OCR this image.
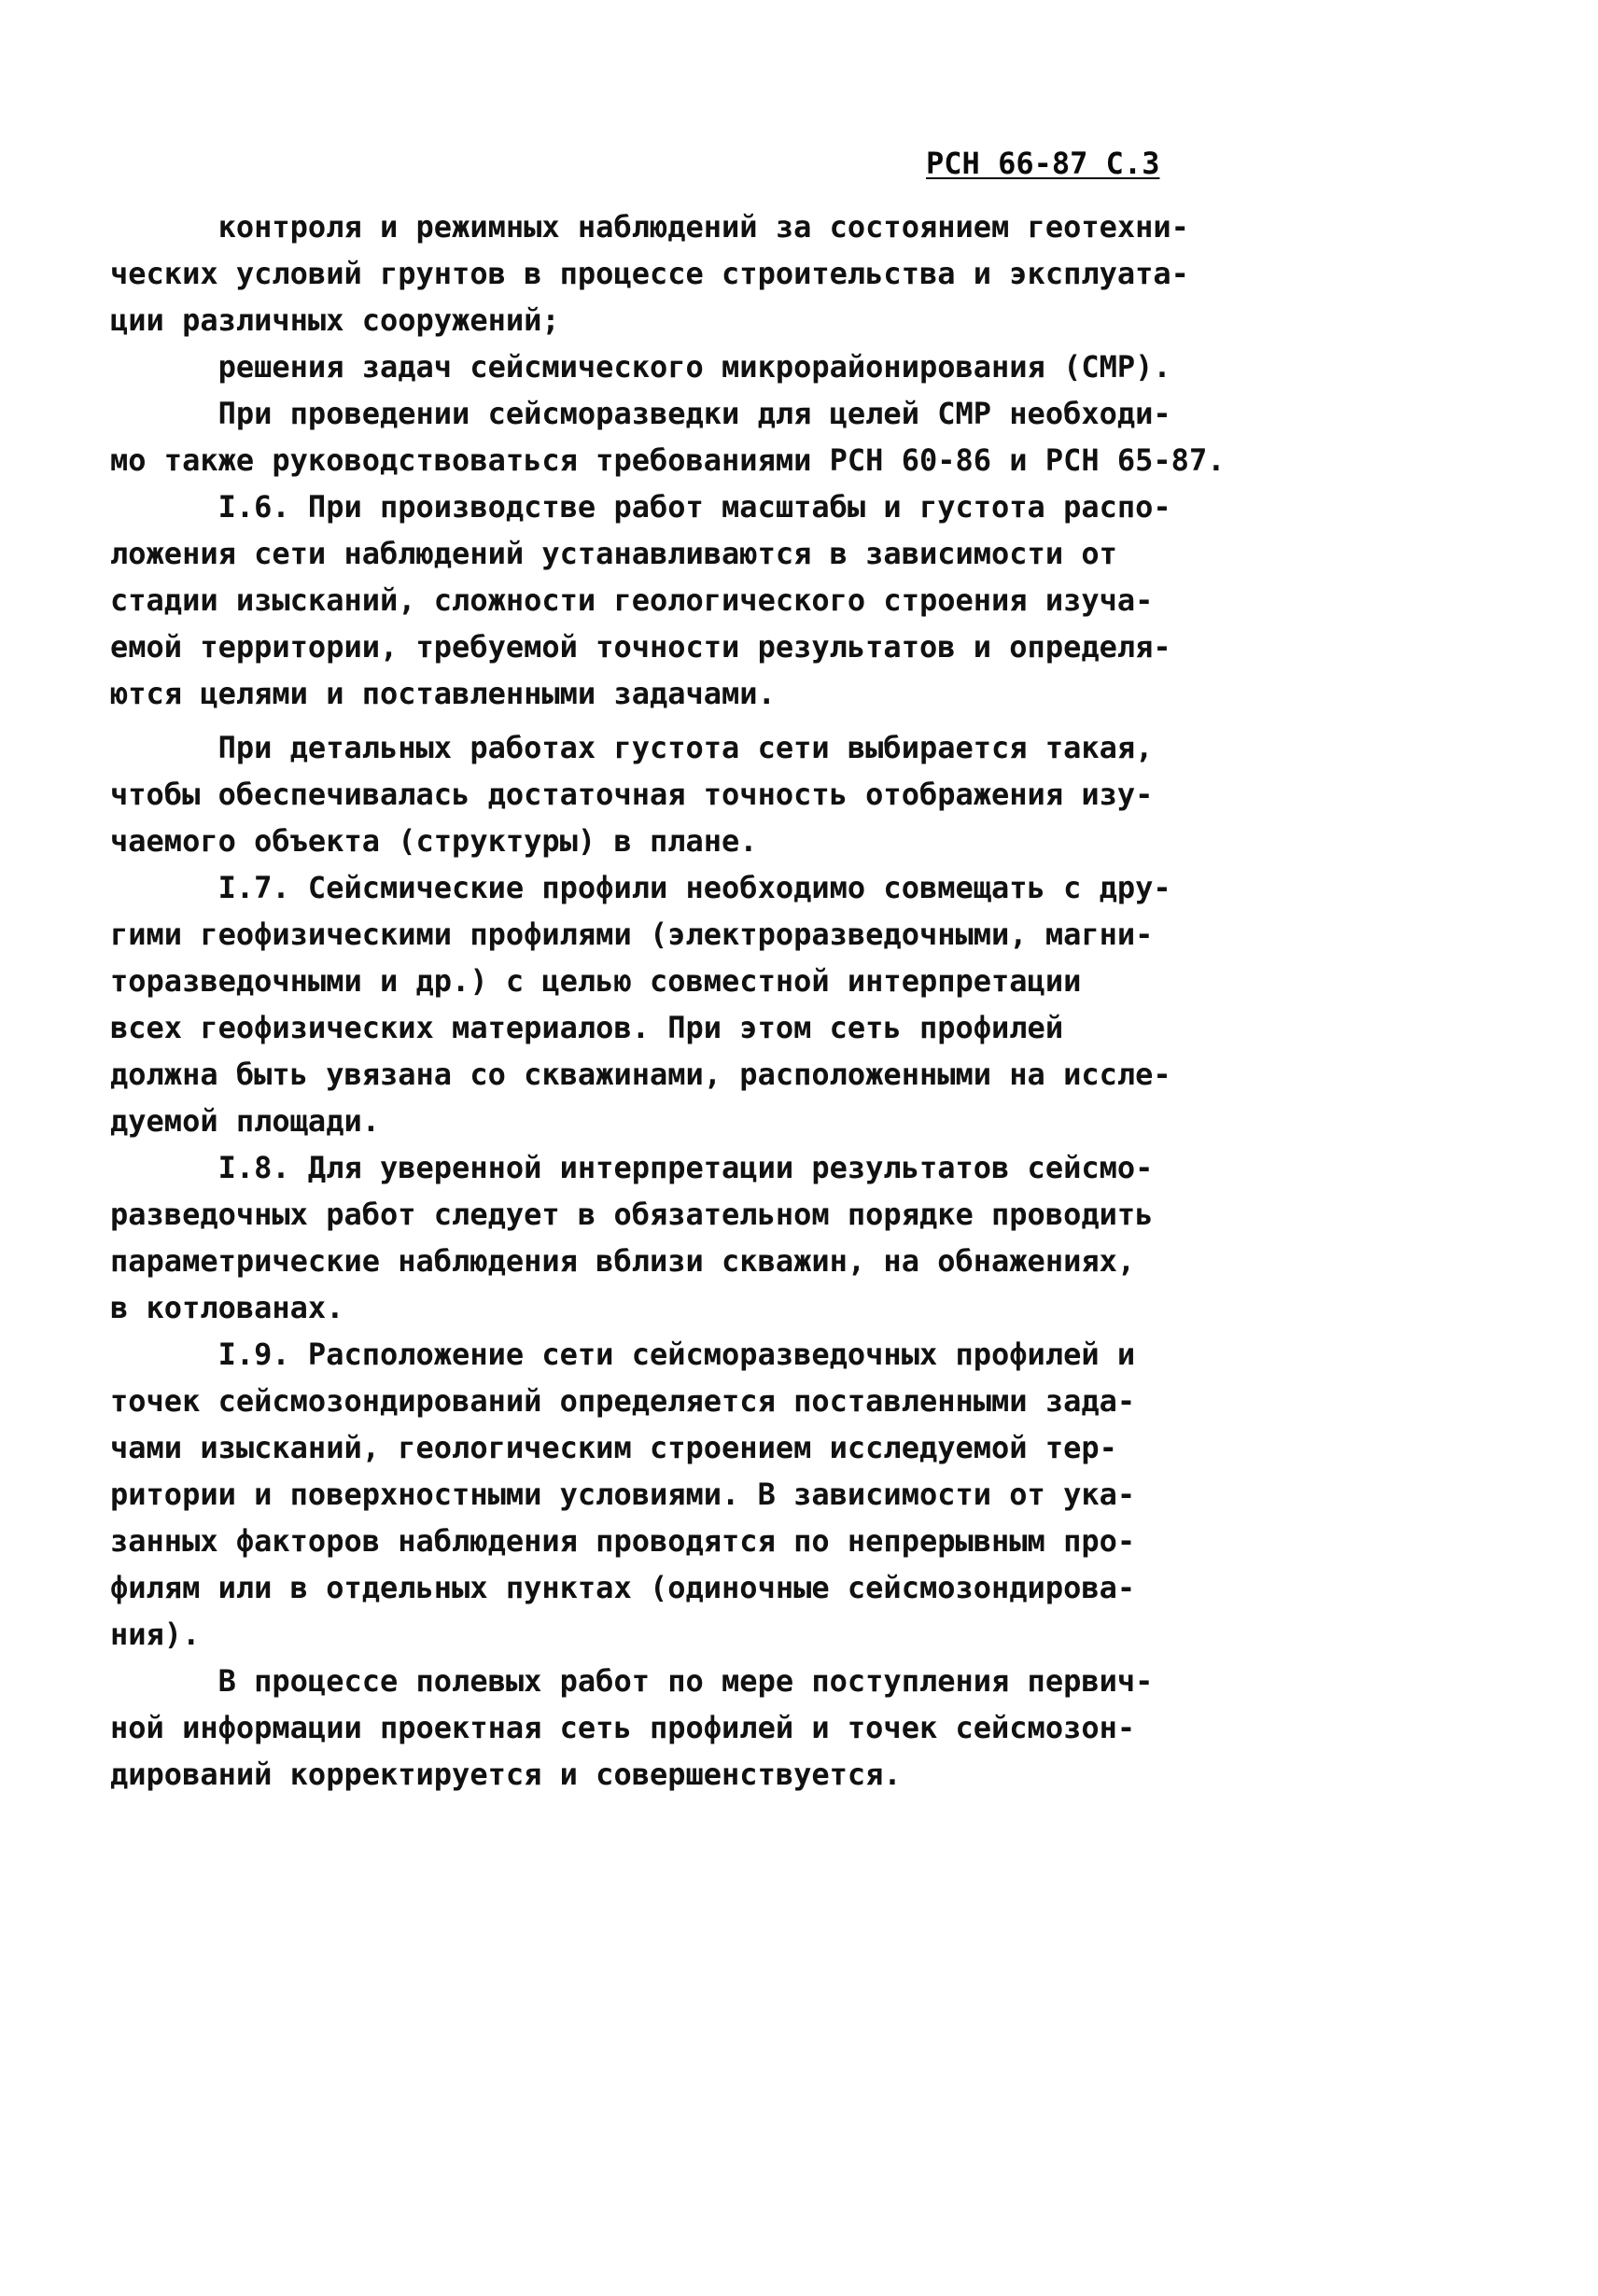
РСН 66-87 С.3
контроля и режимных наблюдений за состоянием геотехни-
ческих условий грунтов в процессе строительства и эксплуата-
ции различных сооружений;
решения задач сейсмического микрорайонирования (СМР).
При проведении сейсморазведки для целей СМР необходи-
мо также руководствоваться требованиями РСН 60-86 и РСН 65-87.
I.6. При производстве работ масштабы и густота распо-
ложения сети наблюдений устанавливаются в зависимости от
стадии изысканий, сложности геологического строения изуча-
емой территории, требуемой точности результатов и определя-
ются целями и поставленными задачами.
При детальных работах густота сети выбирается такая,
чтобы обеспечивалась достаточная точность отображения изу-
чаемого объекта (структуры) в плане.
I.7. Сейсмические профили необходимо совмещать с дру-
гими геофизическими профилями (электроразведочными, магни-
торазведочными и др.) с целью совместной интерпретации
всех геофизических материалов. При этом сеть профилей
должна быть увязана со скважинами, расположенными на иссле-
дуемой площади.
I.8. Для уверенной интерпретации результатов сейсмо-
разведочных работ следует в обязательном порядке проводить
параметрические наблюдения вблизи скважин, на обнажениях,
в котлованах.
I.9. Расположение сети сейсморазведочных профилей и
точек сейсмозондирований определяется поставленными зада-
чами изысканий, геологическим строением исследуемой тер-
ритории и поверхностными условиями. В зависимости от ука-
занных факторов наблюдения проводятся по непрерывным про-
филям или в отдельных пунктах (одиночные сейсмозондирова-
ния).
В процессе полевых работ по мере поступления первич-
ной информации проектная сеть профилей и точек сейсмозон-
дирований корректируется и совершенствуется.
